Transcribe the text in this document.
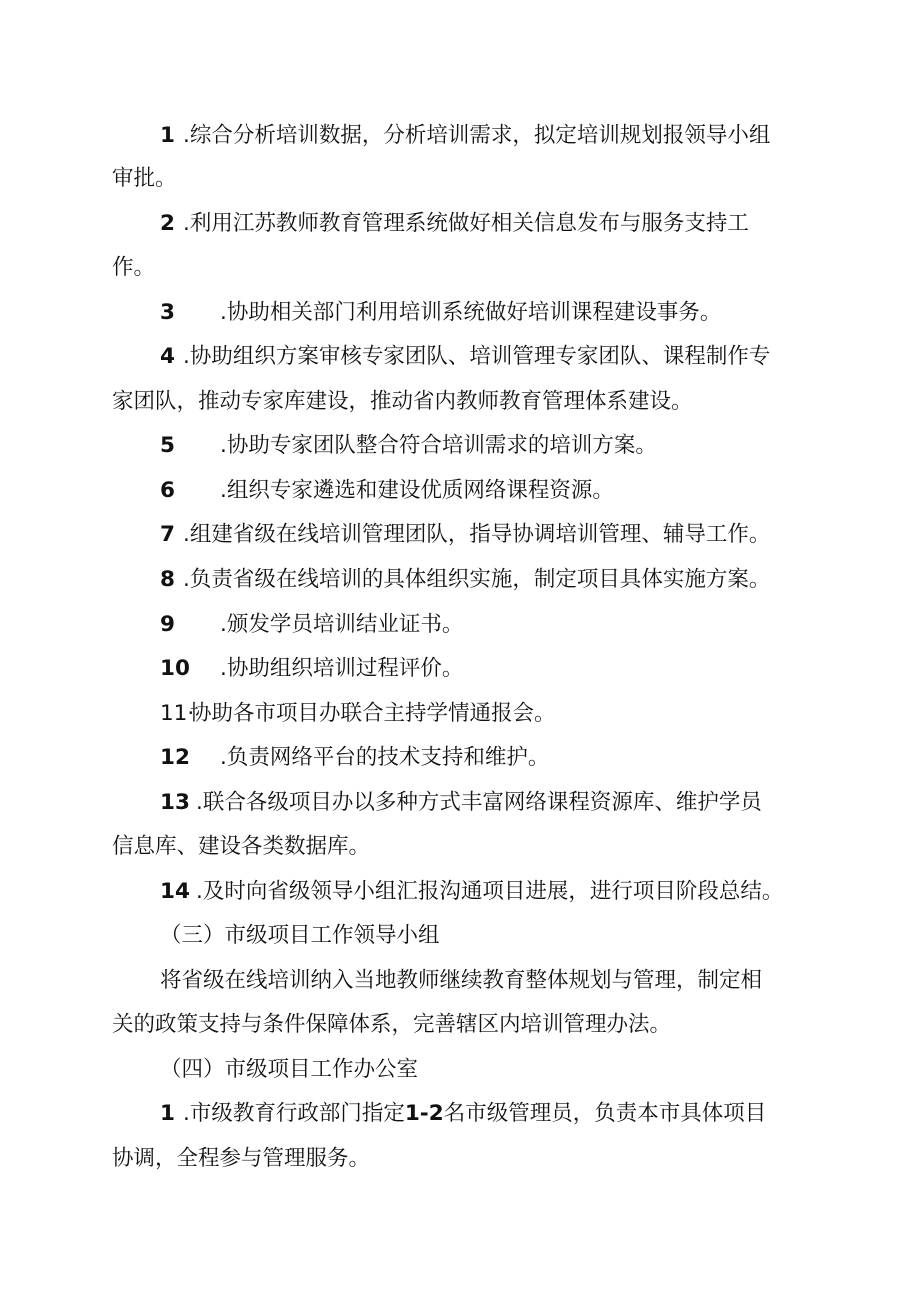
1 .综合分析培训数据，分析培训需求，拟定培训规划报领导小组
审批。
2 .利用江苏教师教育管理系统做好相关信息发布与服务支持工
作。
3 .协助相关部门利用培训系统做好培训课程建设事务。
4 .协助组织方案审核专家团队、培训管理专家团队、课程制作专
家团队，推动专家库建设，推动省内教师教育管理体系建设。
5 .协助专家团队整合符合培训需求的培训方案。
6 .组织专家遴选和建设优质网络课程资源。
7 .组建省级在线培训管理团队，指导协调培训管理、辅导工作。
8 .负责省级在线培训的具体组织实施，制定项目具体实施方案。
9 .颁发学员培训结业证书。
10 .协助组织培训过程评价。
11·
协助各市项目办联合主持学情通报会。
12 .负责网络平台的技术支持和维护。
13 .联合各级项目办以多种方式丰富网络课程资源库、维护学员
信息库、建设各类数据库。
14 .及时向省级领导小组汇报沟通项目进展，进行项目阶段总结。
（三）市级项目工作领导小组
将省级在线培训纳入当地教师继续教育整体规划与管理，制定相
关的政策支持与条件保障体系，完善辖区内培训管理办法。
（四）市级项目工作办公室
1 .市级教育行政部门指定1-2名市级管理员，负责本市具体项目
协调，全程参与管理服务。
